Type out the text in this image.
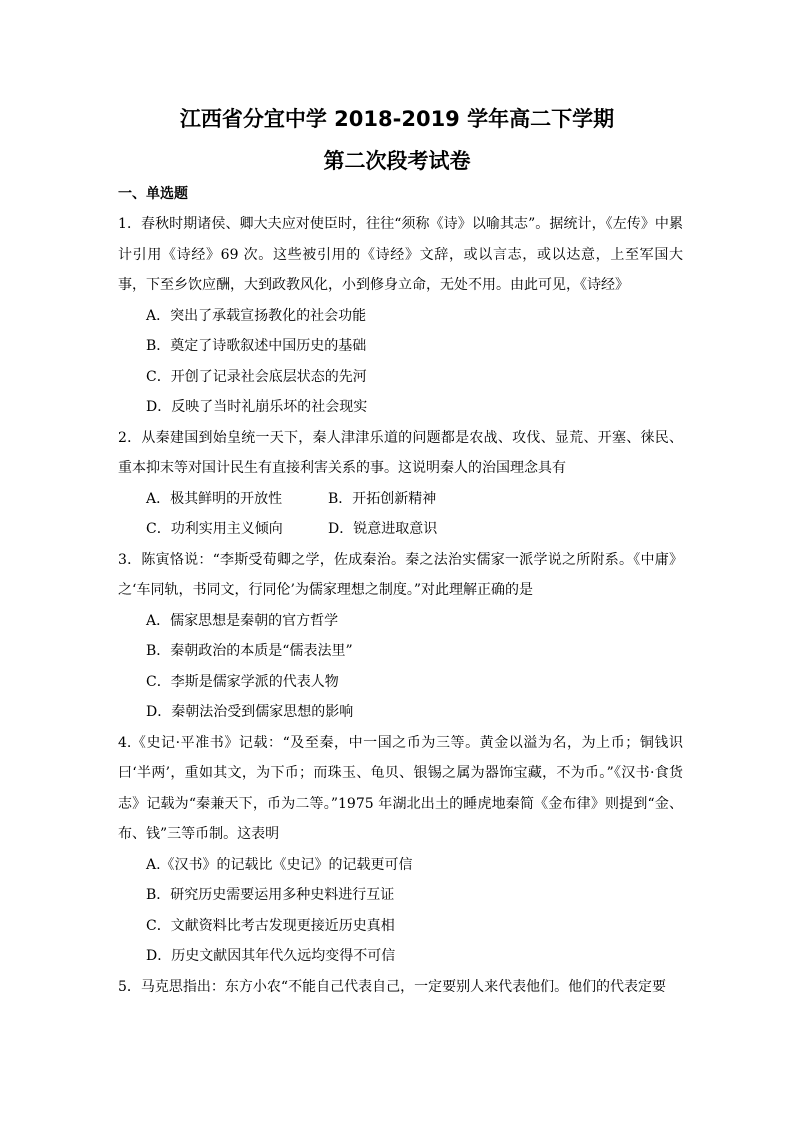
江西省分宜中学 2018-2019 学年高二下学期
第二次段考试卷
一、单选题
1．春秋时期诸侯、卿大夫应对使臣时，往往“须称《诗》以喻其志”。据统计，《左传》中累计引用《诗经》69 次。这些被引用的《诗经》文辞，或以言志，或以达意，上至军国大事，下至乡饮应酬，大到政教风化，小到修身立命，无处不用。由此可见，《诗经》
A．突出了承载宣扬教化的社会功能
B．奠定了诗歌叙述中国历史的基础
C．开创了记录社会底层状态的先河
D．反映了当时礼崩乐坏的社会现实
2．从秦建国到始皇统一天下，秦人津津乐道的问题都是农战、攻伐、显荒、开塞、徕民、重本抑末等对国计民生有直接利害关系的事。这说明秦人的治国理念具有
A．极其鲜明的开放性	B．开拓创新精神
C．功利实用主义倾向	D．锐意进取意识
3．陈寅恪说：“李斯受荀卿之学，佐成秦治。秦之法治实儒家一派学说之所附系。《中庸》之‘车同轨，书同文，行同伦’为儒家理想之制度。”对此理解正确的是
A．儒家思想是秦朝的官方哲学
B．秦朝政治的本质是“儒表法里”
C．李斯是儒家学派的代表人物
D．秦朝法治受到儒家思想的影响
4.《史记·平准书》记载：“及至秦，中一国之币为三等。黄金以溢为名，为上币；铜钱识曰‘半两’，重如其文，为下币；而珠玉、龟贝、银锡之属为器饰宝藏，不为币。”《汉书·食货志》记载为“秦兼天下，币为二等。”1975 年湖北出土的睡虎地秦简《金布律》则提到“金、布、钱”三等币制。这表明
A.《汉书》的记载比《史记》的记载更可信
B．研究历史需要运用多种史料进行互证
C．文献资料比考古发现更接近历史真相
D．历史文献因其年代久远均变得不可信
5．马克思指出：东方小农“不能自己代表自己，一定要别人来代表他们。他们的代表定要
